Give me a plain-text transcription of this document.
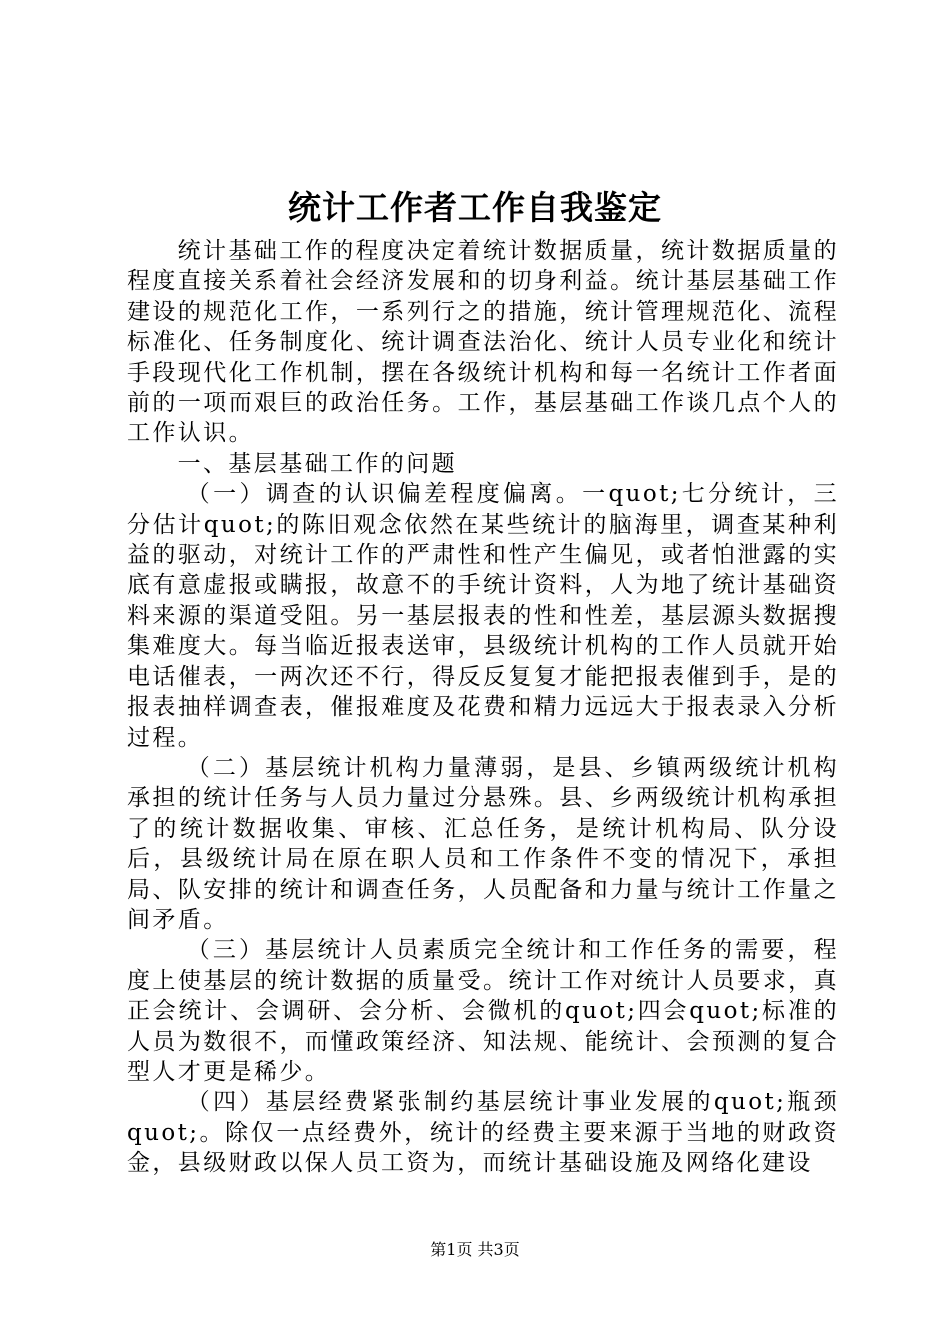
统计工作者工作自我鉴定

统计基础工作的程度决定着统计数据质量，统计数据质量的程度直接关系着社会经济发展和的切身利益。统计基层基础工作建设的规范化工作，一系列行之的措施，统计管理规范化、流程标准化、任务制度化、统计调查法治化、统计人员专业化和统计手段现代化工作机制，摆在各级统计机构和每一名统计工作者面前的一项而艰巨的政治任务。工作，基层基础工作谈几点个人的工作认识。

一、基层基础工作的问题

（一）调查的认识偏差程度偏离。一quot;七分统计，三分估计quot;的陈旧观念依然在某些统计的脑海里，调查某种利益的驱动，对统计工作的严肃性和性产生偏见，或者怕泄露的实底有意虚报或瞒报，故意不的手统计资料，人为地了统计基础资料来源的渠道受阻。另一基层报表的性和性差，基层源头数据搜集难度大。每当临近报表送审，县级统计机构的工作人员就开始电话催表，一两次还不行，得反反复复才能把报表催到手，是的报表抽样调查表，催报难度及花费和精力远远大于报表录入分析过程。

（二）基层统计机构力量薄弱，是县、乡镇两级统计机构承担的统计任务与人员力量过分悬殊。县、乡两级统计机构承担了的统计数据收集、审核、汇总任务，是统计机构局、队分设后，县级统计局在原在职人员和工作条件不变的情况下，承担局、队安排的统计和调查任务，人员配备和力量与统计工作量之间矛盾。

（三）基层统计人员素质完全统计和工作任务的需要，程度上使基层的统计数据的质量受。统计工作对统计人员要求，真正会统计、会调研、会分析、会微机的quot;四会quot;标准的人员为数很不，而懂政策经济、知法规、能统计、会预测的复合型人才更是稀少。

（四）基层经费紧张制约基层统计事业发展的quot;瓶颈quot;。除仅一点经费外，统计的经费主要来源于当地的财政资金，县级财政以保人员工资为，而统计基础设施及网络化建设

第1页 共3页
